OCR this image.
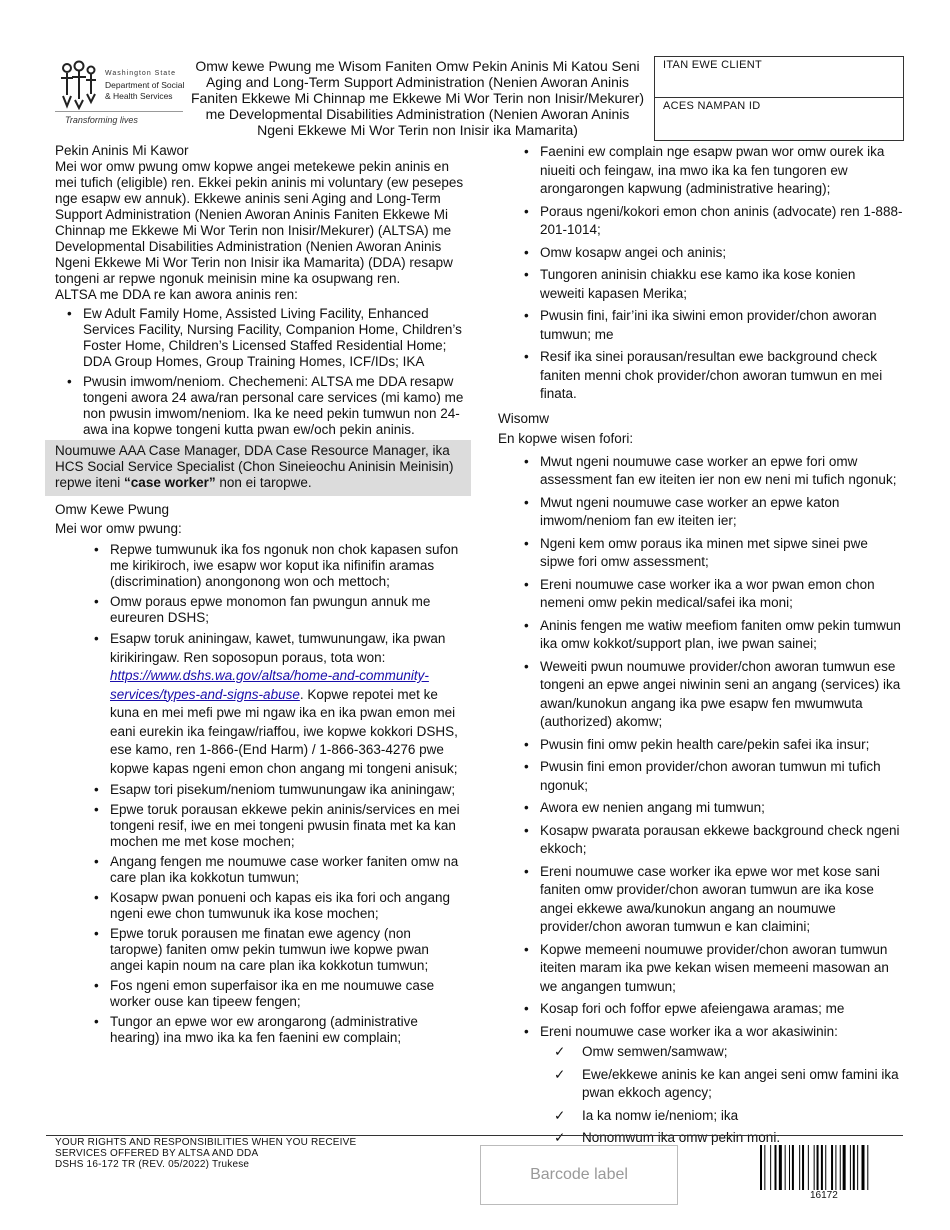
Washington State
Department of Social
& Health Services
Transforming lives
Omw kewe Pwung me Wisom Faniten Omw Pekin Aninis Mi Katou Seni Aging and Long-Term Support Administration (Nenien Aworan Aninis Faniten Ekkewe Mi Chinnap me Ekkewe Mi Wor Terin non Inisir/Mekurer) me Developmental Disabilities Administration (Nenien Aworan Aninis Ngeni Ekkewe Mi Wor Terin non Inisir ika Mamarita)
ITAN EWE CLIENT
ACES NAMPAN ID

Pekin Aninis Mi Kawor

Mei wor omw pwung omw kopwe angei metekewe pekin aninis en mei tufich (eligible) ren. Ekkei pekin aninis mi voluntary (ew pesepes nge esapw ew annuk). Ekkewe aninis seni Aging and Long-Term Support Administration (Nenien Aworan Aninis Faniten Ekkewe Mi Chinnap me Ekkewe Mi Wor Terin non Inisir/Mekurer) (ALTSA) me Developmental Disabilities Administration (Nenien Aworan Aninis Ngeni Ekkewe Mi Wor Terin non Inisir ika Mamarita) (DDA) resapw tongeni ar repwe ngonuk meinisin mine ka osupwang ren.

ALTSA me DDA re kan awora aninis ren:

• Ew Adult Family Home, Assisted Living Facility, Enhanced Services Facility, Nursing Facility, Companion Home, Children’s Foster Home, Children’s Licensed Staffed Residential Home; DDA Group Homes, Group Training Homes, ICF/IDs; IKA
• Pwusin imwom/neniom. Chechemeni: ALTSA me DDA resapw tongeni awora 24 awa/ran personal care services (mi kamo) me non pwusin imwom/neniom. Ika ke need pekin tumwun non 24-awa ina kopwe tongeni kutta pwan ew/och pekin aninis.
Noumuwe AAA Case Manager, DDA Case Resource Manager, ika HCS Social Service Specialist (Chon Sineieochu Aninisin Meinisin) repwe iteni “case worker” non ei taropwe.

Omw Kewe Pwung

Mei wor omw pwung:

• Repwe tumwunuk ika fos ngonuk non chok kapasen sufon me kirikiroch, iwe esapw wor koput ika nifinifin aramas (discrimination) anongonong won och mettoch;
• Omw poraus epwe monomon fan pwungun annuk me eureuren DSHS;
• Esapw toruk aniningaw, kawet, tumwunungaw, ika pwan kirikiringaw. Ren soposopun poraus, tota won: https://www.dshs.wa.gov/altsa/home-and-community-services/types-and-signs-abuse. Kopwe repotei met ke kuna en mei mefi pwe mi ngaw ika en ika pwan emon mei eani eurekin ika feingaw/riaffou, iwe kopwe kokkori DSHS, ese kamo, ren 1-866-(End Harm) / 1-866-363-4276 pwe kopwe kapas ngeni emon chon angang mi tongeni anisuk;
• Esapw tori pisekum/neniom tumwunungaw ika aniningaw;
• Epwe toruk porausan ekkewe pekin aninis/services en mei tongeni resif, iwe en mei tongeni pwusin finata met ka kan mochen me met kose mochen;
• Angang fengen me noumuwe case worker faniten omw na care plan ika kokkotun tumwun;
• Kosapw pwan ponueni och kapas eis ika fori och angang ngeni ewe chon tumwunuk ika kose mochen;
• Epwe toruk porausen me finatan ewe agency (non taropwe) faniten omw pekin tumwun iwe kopwe pwan angei kapin noum na care plan ika kokkotun tumwun;
• Fos ngeni emon superfaisor ika en me noumuwe case worker ouse kan tipeew fengen;
• Tungor an epwe wor ew arongarong (administrative hearing) ina mwo ika ka fen faenini ew complain;
• Faenini ew complain nge esapw pwan wor omw ourek ika niueiti och feingaw, ina mwo ika ka fen tungoren ew arongarongen kapwung (administrative hearing);
• Poraus ngeni/kokori emon chon aninis (advocate) ren 1-888-201-1014;
• Omw kosapw angei och aninis;
• Tungoren aninisin chiakku ese kamo ika kose konien weweiti kapasen Merika;
• Pwusin fini, fair’ini ika siwini emon provider/chon aworan tumwun; me
• Resif ika sinei porausan/resultan ewe background check faniten menni chok provider/chon aworan tumwun en mei finata.

Wisomw

En kopwe wisen fofori:

• Mwut ngeni noumuwe case worker an epwe fori omw assessment fan ew iteiten ier non ew neni mi tufich ngonuk;
• Mwut ngeni noumuwe case worker an epwe katon imwom/neniom fan ew iteiten ier;
• Ngeni kem omw poraus ika minen met sipwe sinei pwe sipwe fori omw assessment;
• Ereni noumuwe case worker ika a wor pwan emon chon nemeni omw pekin medical/safei ika moni;
• Aninis fengen me watiw meefiom faniten omw pekin tumwun ika omw kokkot/support plan, iwe pwan sainei;
• Weweiti pwun noumuwe provider/chon aworan tumwun ese tongeni an epwe angei niwinin seni an angang (services) ika awan/kunokun angang ika pwe esapw fen mwumwuta (authorized) akomw;
• Pwusin fini omw pekin health care/pekin safei ika insur;
• Pwusin fini emon provider/chon aworan tumwun mi tufich ngonuk;
• Awora ew nenien angang mi tumwun;
• Kosapw pwarata porausan ekkewe background check ngeni ekkoch;
• Ereni noumuwe case worker ika epwe wor met kose sani faniten omw provider/chon aworan tumwun are ika kose angei ekkewe awa/kunokun angang an noumuwe provider/chon aworan tumwun e kan claimini;
• Kopwe memeeni noumuwe provider/chon aworan tumwun iteiten maram ika pwe kekan wisen memeeni masowan an we angangen tumwun;
• Kosap fori och foffor epwe afeiengawa aramas; me
• Ereni noumuwe case worker ika a wor akasiwinin:
✓ Omw semwen/samwaw;
✓ Ewe/ekkewe aninis ke kan angei seni omw famini ika pwan ekkoch agency;
✓ Ia ka nomw ie/neniom; ika
✓ Nonomwum ika omw pekin moni.
YOUR RIGHTS AND RESPONSIBILITIES WHEN YOU RECEIVE
SERVICES OFFERED BY ALTSA AND DDA
DSHS 16-172 TR (REV. 05/2022) Trukese
Barcode label
16172
